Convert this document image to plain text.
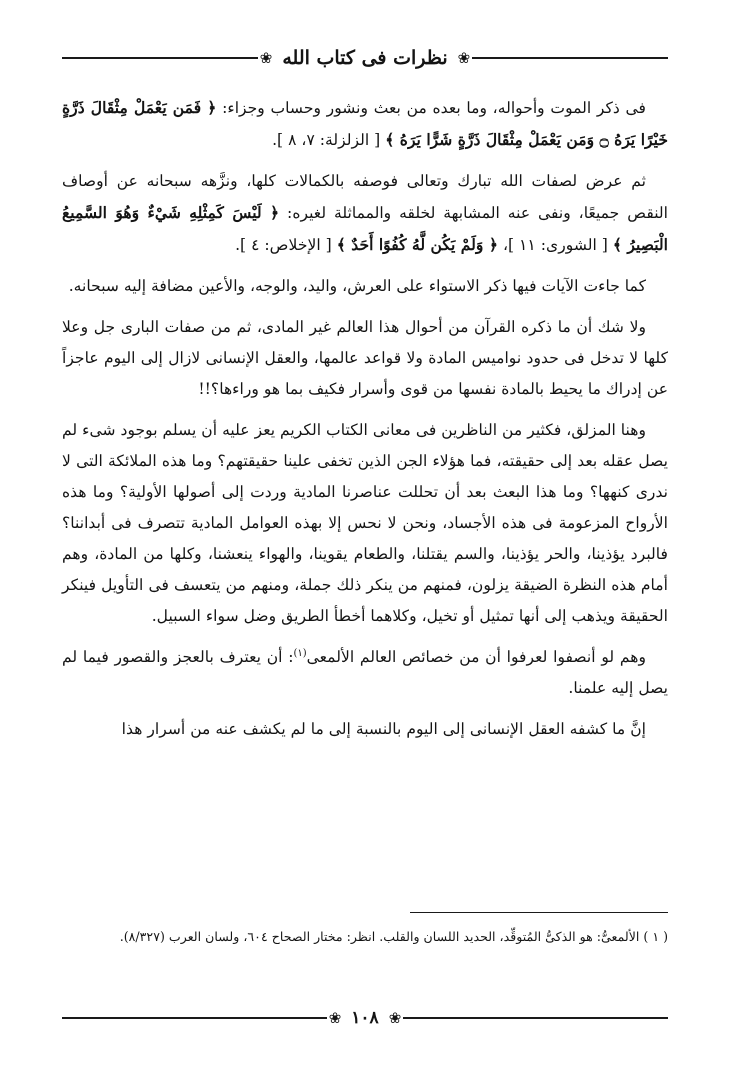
❀
نظرات فى كتاب الله
❀

فى ذكر الموت وأحواله، وما بعده من بعث ونشور وحساب وجزاء: ﴿ فَمَن يَعْمَلْ مِثْقَالَ ذَرَّةٍ خَيْرًا يَرَهُ ۝ وَمَن يَعْمَلْ مِثْقَالَ ذَرَّةٍ شَرًّا يَرَهُ ﴾ [ الزلزلة: ٧، ٨ ].

ثم عرض لصفات الله تبارك وتعالى فوصفه بالكمالات كلها، ونزَّهه سبحانه عن أوصاف النقص جميعًا، ونفى عنه المشابهة لخلقه والمماثلة لغيره: ﴿ لَيْسَ كَمِثْلِهِ شَيْءٌ وَهُوَ السَّمِيعُ الْبَصِيرُ ﴾ [ الشورى: ١١ ]، ﴿ وَلَمْ يَكُن لَّهُ كُفُوًا أَحَدٌ ﴾ [ الإخلاص: ٤ ].

كما جاءت الآيات فيها ذكر الاستواء على العرش، واليد، والوجه، والأعين مضافة إليه سبحانه.

ولا شك أن ما ذكره القرآن من أحوال هذا العالم غير المادى، ثم من صفات البارى جل وعلا كلها لا تدخل فى حدود نواميس المادة ولا قواعد عالمها، والعقل الإنسانى لازال إلى اليوم عاجزاً عن إدراك ما يحيط بالمادة نفسها من قوى وأسرار فكيف بما هو وراءها؟!!

وهنا المزلق، فكثير من الناظرين فى معانى الكتاب الكريم يعز عليه أن يسلم بوجود شىء لم يصل عقله بعد إلى حقيقته، فما هؤلاء الجن الذين تخفى علينا حقيقتهم؟ وما هذه الملائكة التى لا ندرى كنهها؟ وما هذا البعث بعد أن تحللت عناصرنا المادية وردت إلى أصولها الأولية؟ وما هذه الأرواح المزعومة فى هذه الأجساد، ونحن لا نحس إلا بهذه العوامل المادية تتصرف فى أبداننا؟ فالبرد يؤذينا، والحر يؤذينا، والسم يقتلنا، والطعام يقوينا، والهواء ينعشنا، وكلها من المادة، وهم أمام هذه النظرة الضيقة يزلون، فمنهم من ينكر ذلك جملة، ومنهم من يتعسف فى التأويل فينكر الحقيقة ويذهب إلى أنها تمثيل أو تخيل، وكلاهما أخطأ الطريق وضل سواء السبيل.

وهم لو أنصفوا لعرفوا أن من خصائص العالم الألمعى$^{(١)}$: أن يعترف بالعجز والقصور فيما لم يصل إليه علمنا.

إنَّ ما كشفه العقل الإنسانى إلى اليوم بالنسبة إلى ما لم يكشف عنه من أسرار هذا

( ١ ) الألمعىُّ: هو الذكىُّ المُتوقِّد، الحديد اللسان والقلب. انظر: مختار الصحاح ٦٠٤، ولسان العرب (٨/٣٢٧).

❀
١٠٨
❀
